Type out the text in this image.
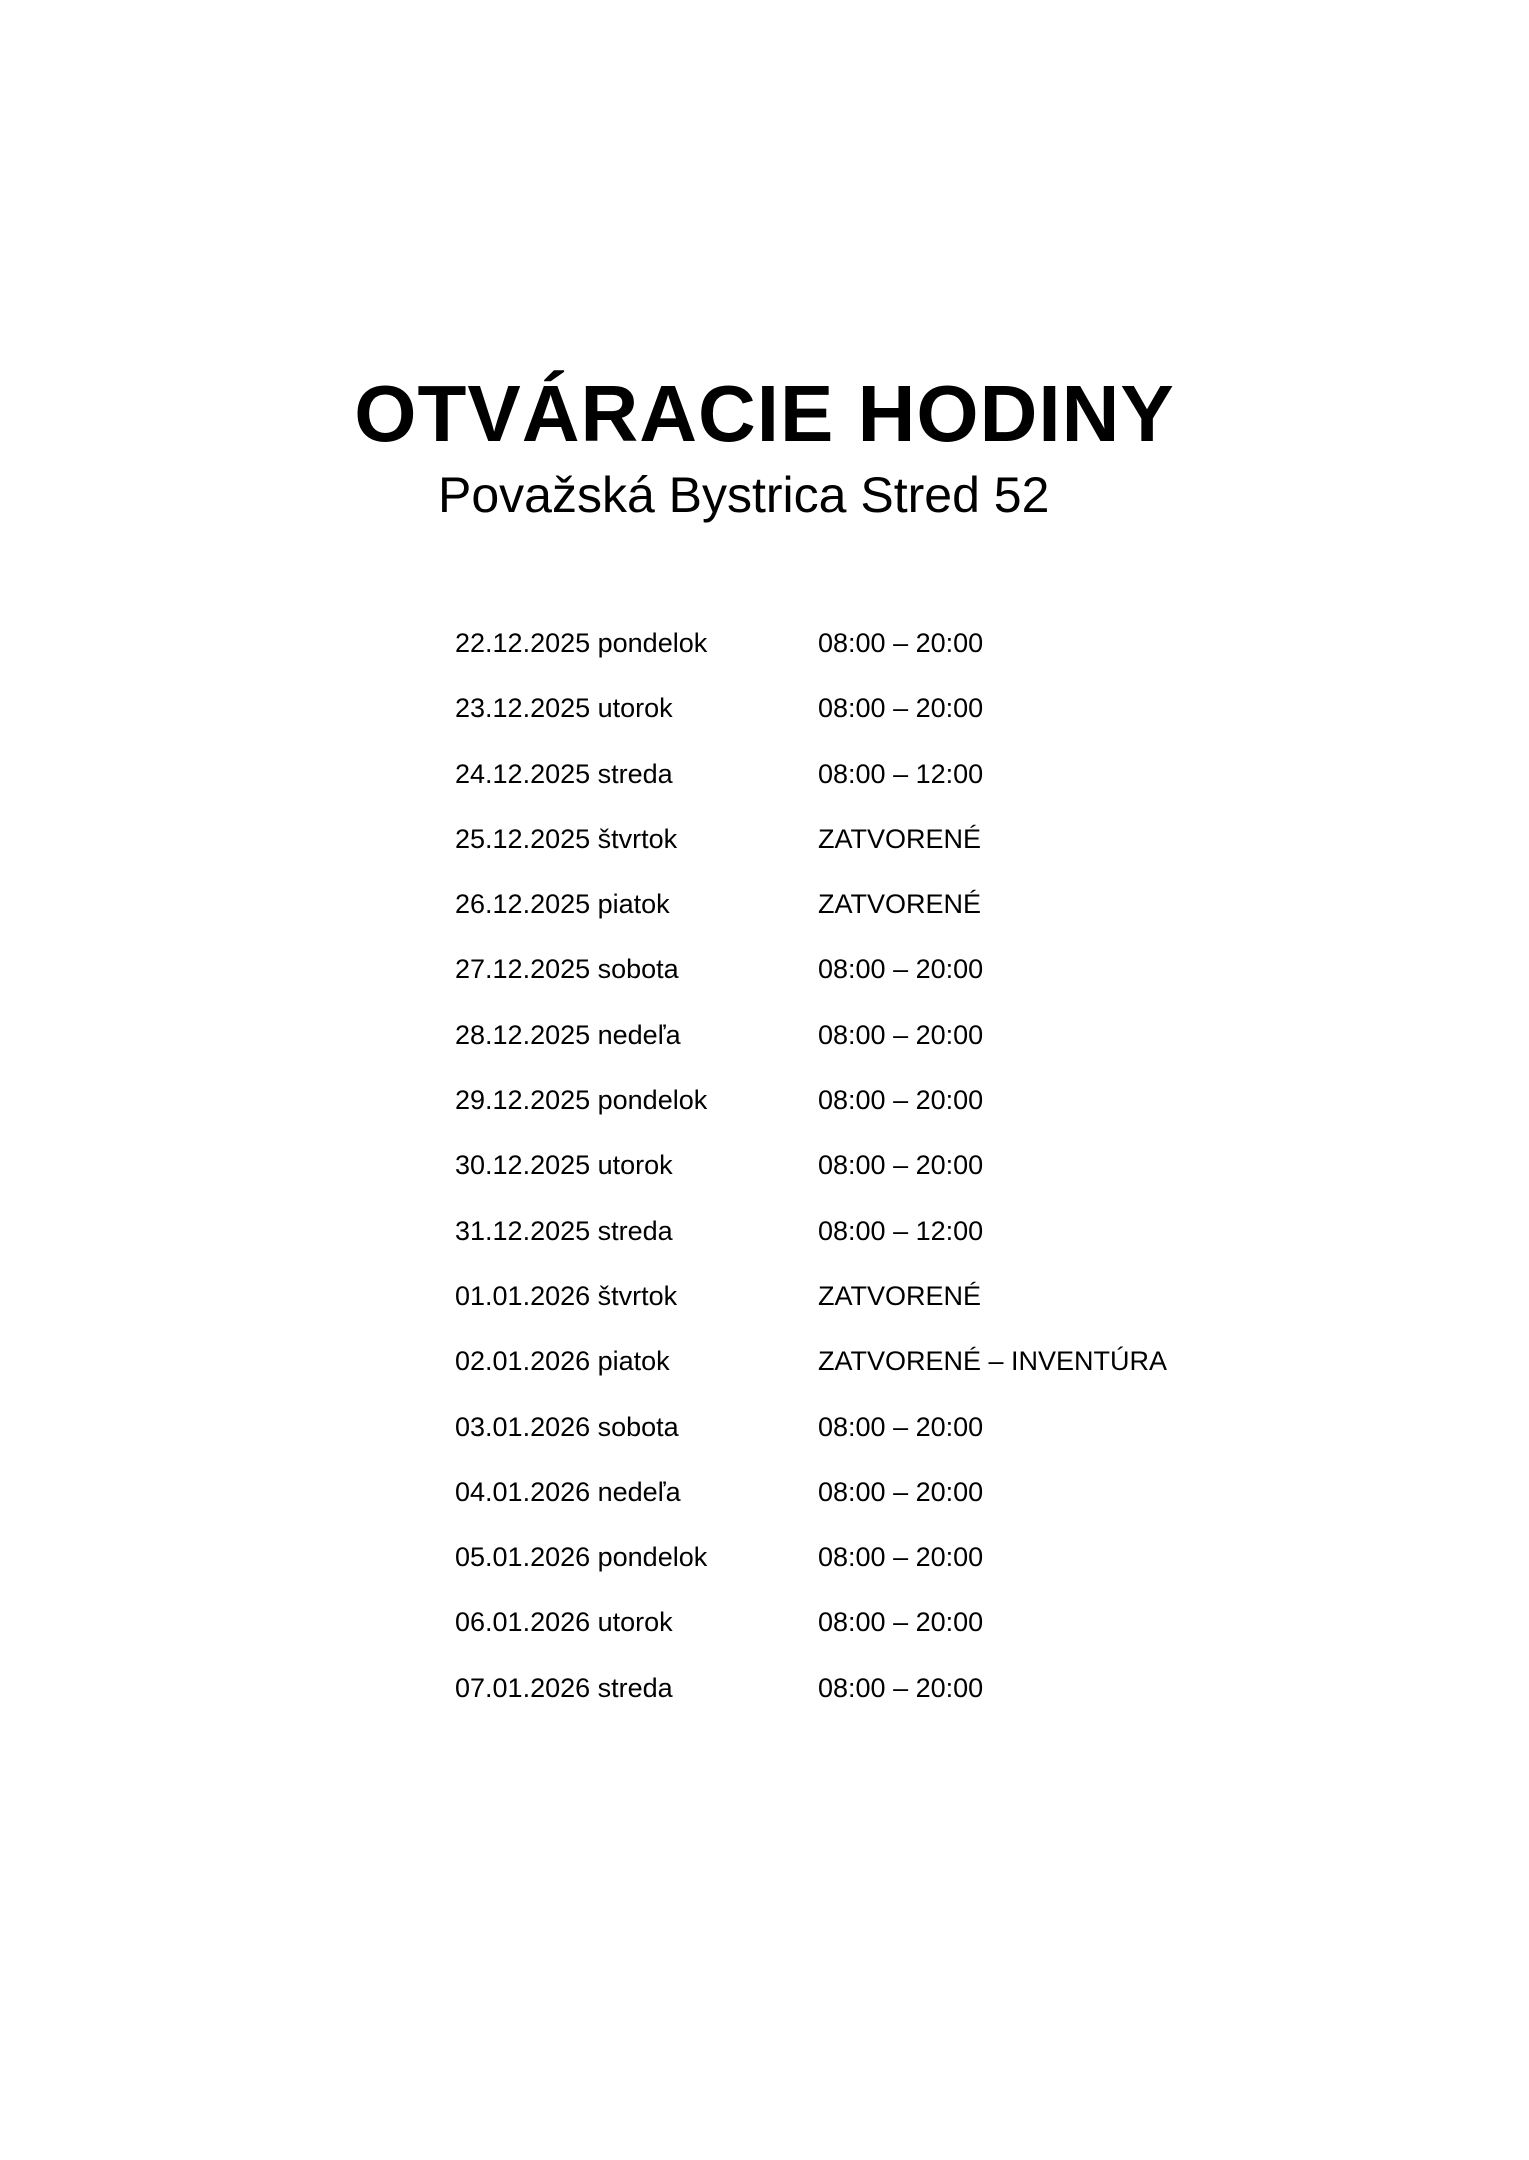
OTVÁRACIE HODINY
Považská Bystrica Stred 52
22.12.2025 pondelok	08:00 – 20:00
23.12.2025 utorok	08:00 – 20:00
24.12.2025 streda	08:00 – 12:00
25.12.2025 štvrtok	ZATVORENÉ
26.12.2025 piatok	ZATVORENÉ
27.12.2025 sobota	08:00 – 20:00
28.12.2025 nedeľa	08:00 – 20:00
29.12.2025 pondelok	08:00 – 20:00
30.12.2025 utorok	08:00 – 20:00
31.12.2025 streda	08:00 – 12:00
01.01.2026 štvrtok	ZATVORENÉ
02.01.2026 piatok	ZATVORENÉ – INVENTÚRA
03.01.2026 sobota	08:00 – 20:00
04.01.2026 nedeľa	08:00 – 20:00
05.01.2026 pondelok	08:00 – 20:00
06.01.2026 utorok	08:00 – 20:00
07.01.2026 streda	08:00 – 20:00
